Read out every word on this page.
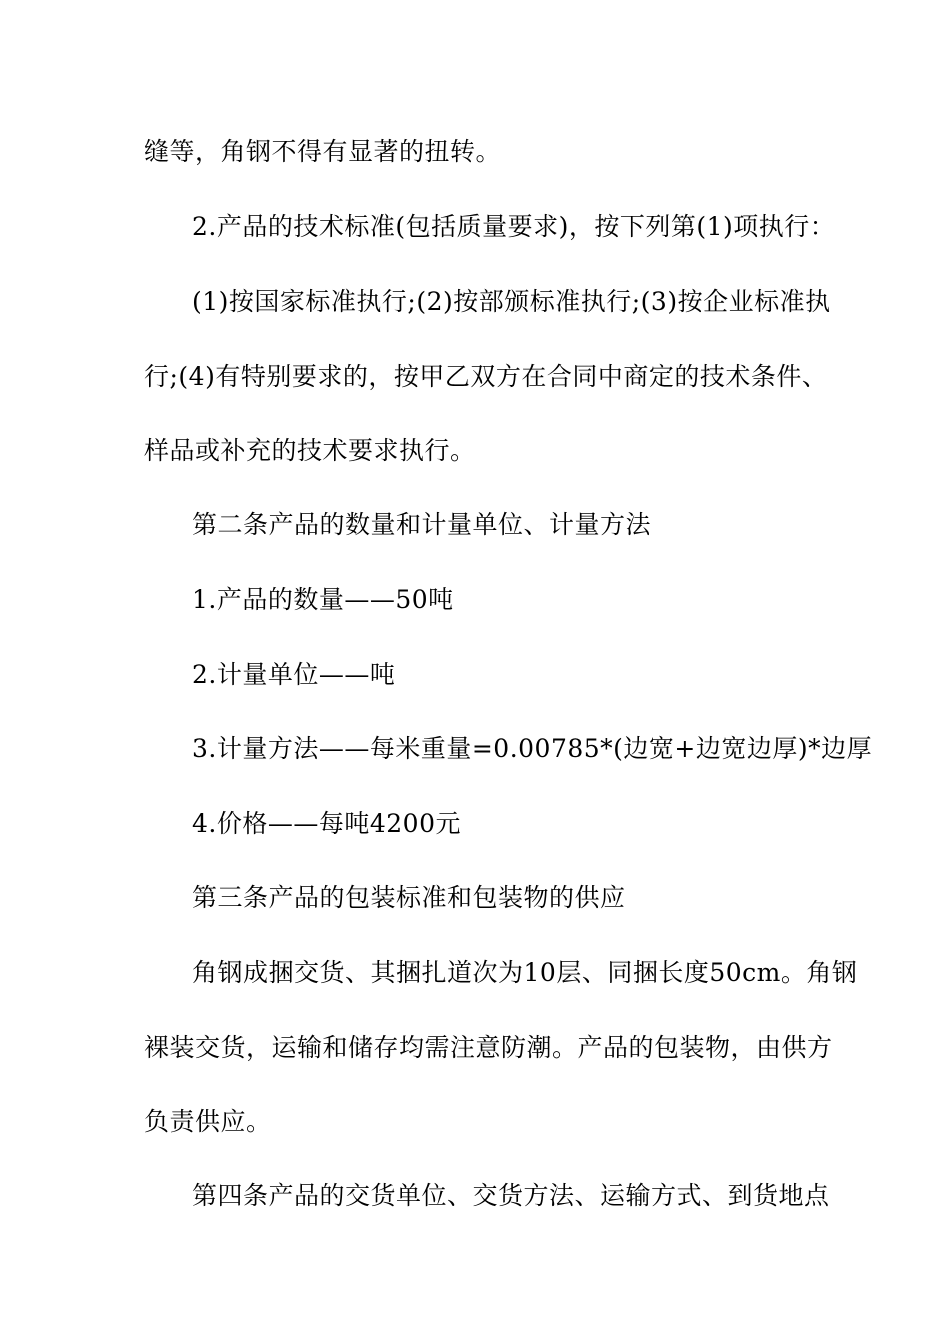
缝等，角钢不得有显著的扭转。
2.产品的技术标准(包括质量要求)，按下列第(1)项执行：
(1)按国家标准执行;(2)按部颁标准执行;(3)按企业标准执
行;(4)有特别要求的，按甲乙双方在合同中商定的技术条件、
样品或补充的技术要求执行。
第二条产品的数量和计量单位、计量方法
1.产品的数量——50吨
2.计量单位——吨
3.计量方法——每米重量=0.00785*(边宽+边宽边厚)*边厚
4.价格——每吨4200元
第三条产品的包装标准和包装物的供应
角钢成捆交货、其捆扎道次为10层、同捆长度50cm。角钢
裸装交货，运输和储存均需注意防潮。产品的包装物，由供方
负责供应。
第四条产品的交货单位、交货方法、运输方式、到货地点
